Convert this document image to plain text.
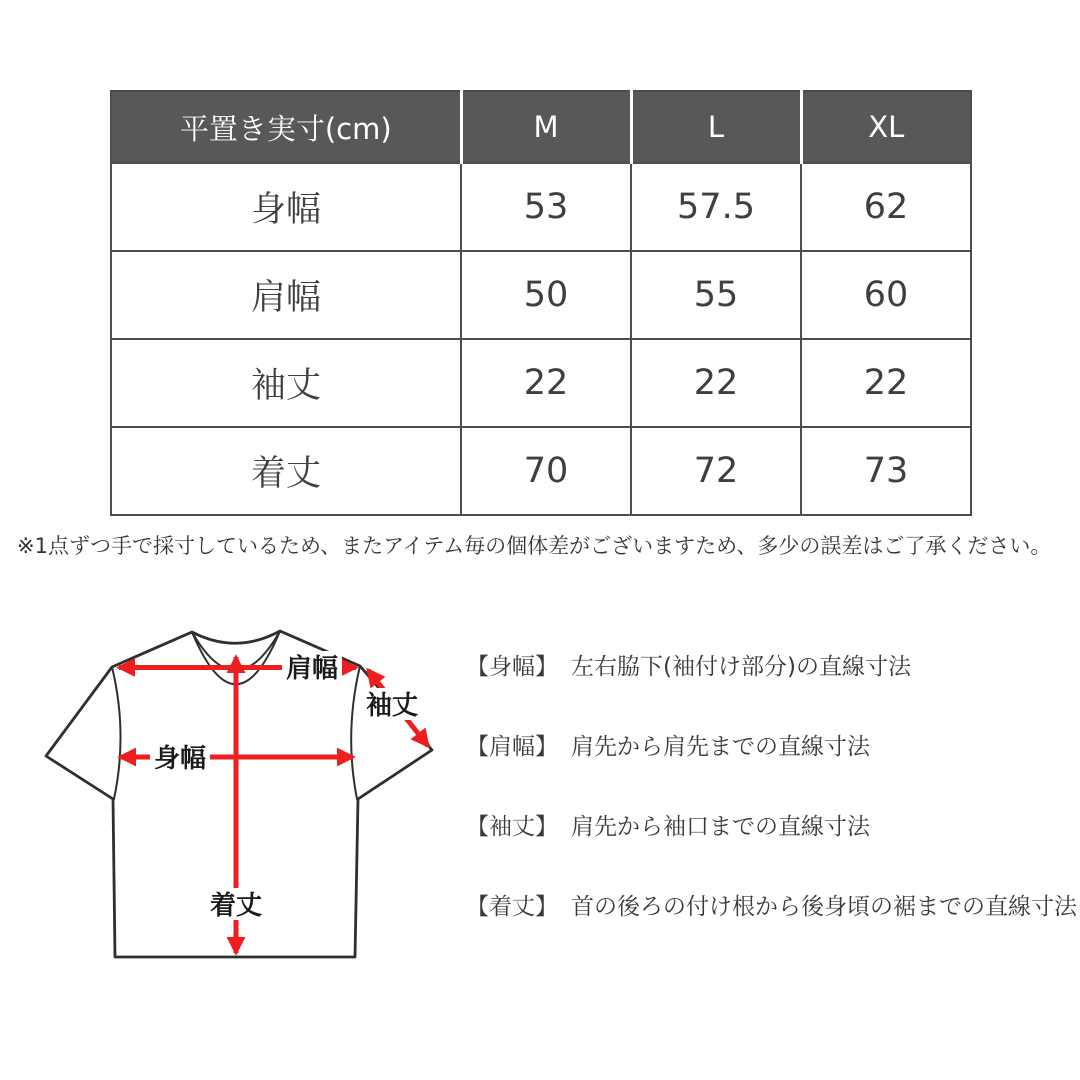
平置き実寸(cm)	M	L	XL
身幅	53	57.5	62
肩幅	50	55	60
袖丈	22	22	22
着丈	70	72	73
※1点ずつ手で採寸しているため、またアイテム毎の個体差がございますため、多少の誤差はご了承ください。
肩幅
袖丈
身幅
着丈
【身幅】 左右脇下(袖付け部分)の直線寸法
【肩幅】 肩先から肩先までの直線寸法
【袖丈】 肩先から袖口までの直線寸法
【着丈】 首の後ろの付け根から後身頃の裾までの直線寸法
